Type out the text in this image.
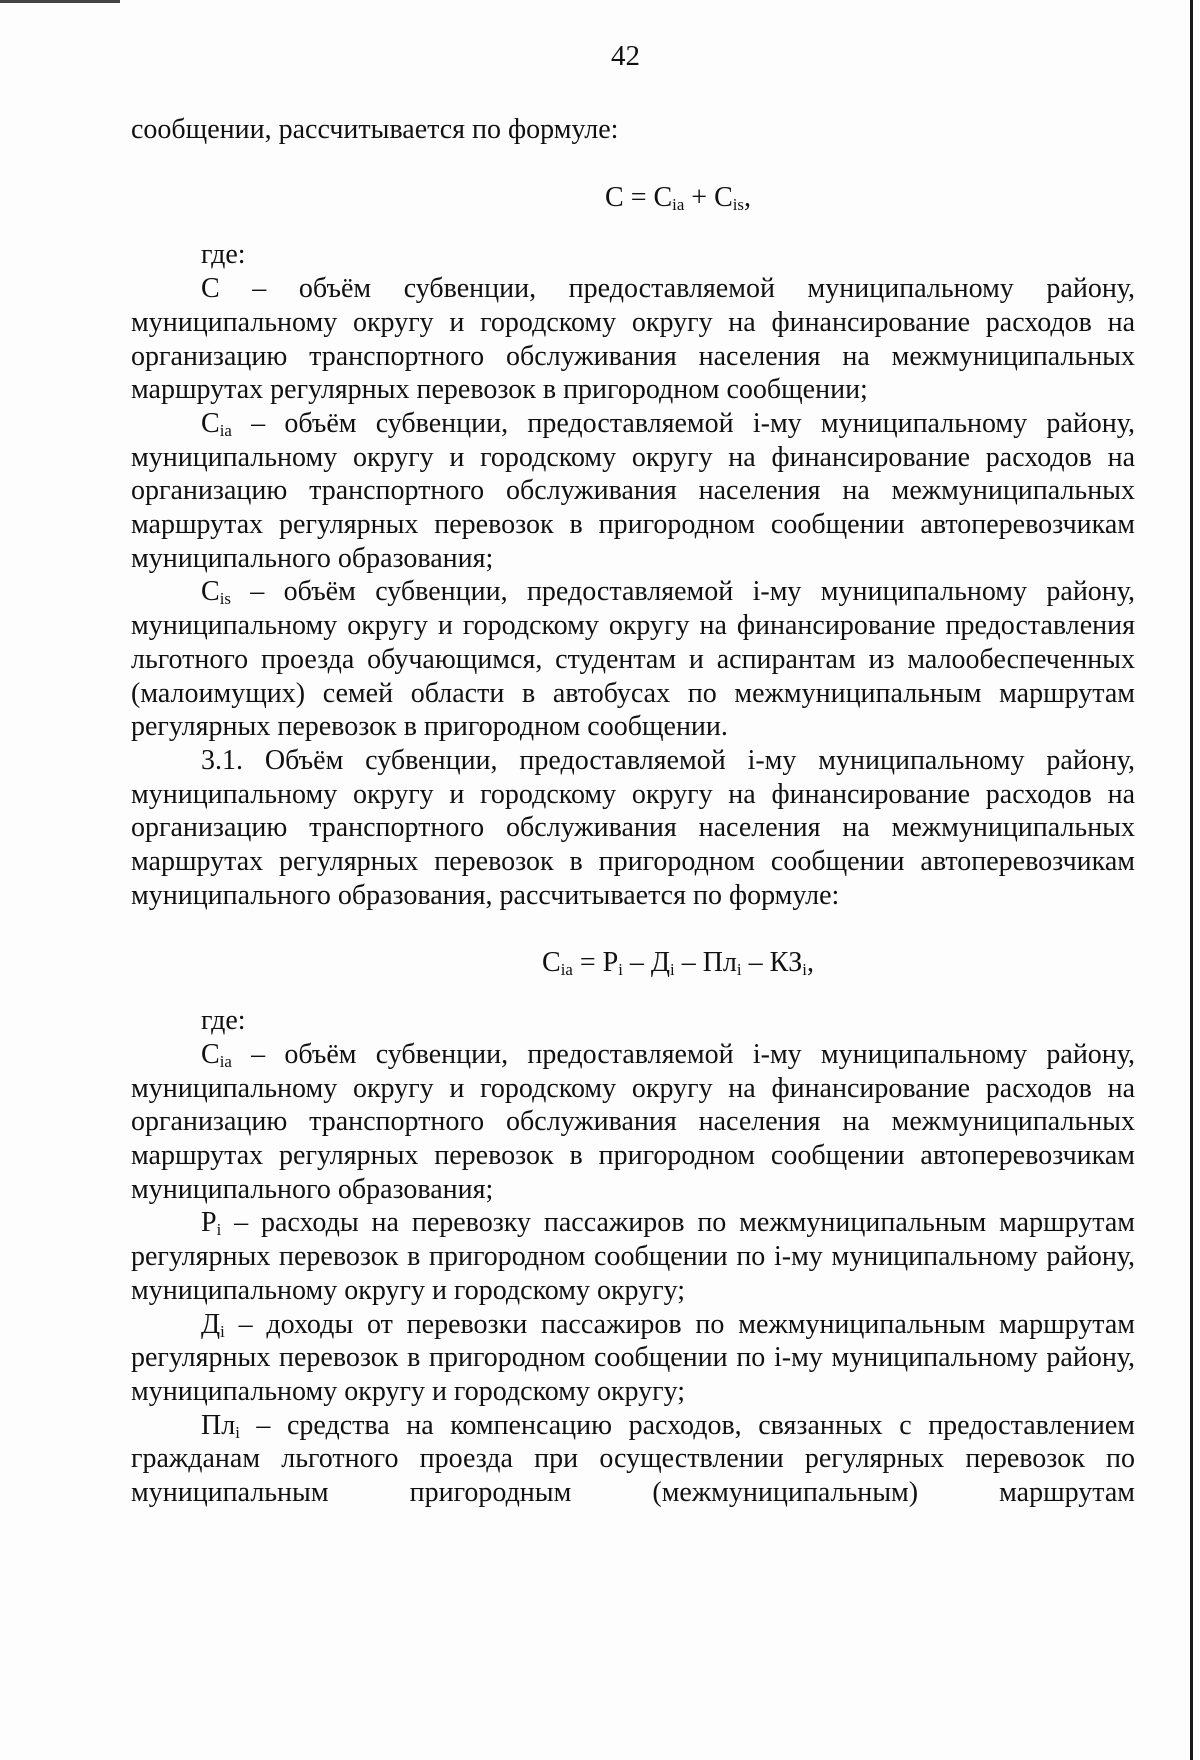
42

сообщении, рассчитывается по формуле:

$С = С_{ia} + С_{is}$,

где:

С – объём субвенции, предоставляемой муниципальному району, муниципальному округу и городскому округу на финансирование расходов на организацию транспортного обслуживания населения на межмуниципальных маршрутах регулярных перевозок в пригородном сообщении;

$С_{ia}$ – объём субвенции, предоставляемой i-му муниципальному району, муниципальному округу и городскому округу на финансирование расходов на организацию транспортного обслуживания населения на межмуниципальных маршрутах регулярных перевозок в пригородном сообщении автоперевозчикам муниципального образования;

$С_{is}$ – объём субвенции, предоставляемой i-му муниципальному району, муниципальному округу и городскому округу на финансирование предоставления льготного проезда обучающимся, студентам и аспирантам из малообеспеченных (малоимущих) семей области в автобусах по межмуниципальным маршрутам регулярных перевозок в пригородном сообщении.

3.1. Объём субвенции, предоставляемой i-му муниципальному району, муниципальному округу и городскому округу на финансирование расходов на организацию транспортного обслуживания населения на межмуниципальных маршрутах регулярных перевозок в пригородном сообщении автоперевозчикам муниципального образования, рассчитывается по формуле:

$С_{ia} = Р_i - Д_i - Пл_i - КЗ_i$,

где:

$С_{ia}$ – объём субвенции, предоставляемой i-му муниципальному району, муниципальному округу и городскому округу на финансирование расходов на организацию транспортного обслуживания населения на межмуниципальных маршрутах регулярных перевозок в пригородном сообщении автоперевозчикам муниципального образования;

$Р_i$ – расходы на перевозку пассажиров по межмуниципальным маршрутам регулярных перевозок в пригородном сообщении по i-му муниципальному району, муниципальному округу и городскому округу;

$Д_i$ – доходы от перевозки пассажиров по межмуниципальным маршрутам регулярных перевозок в пригородном сообщении по i-му муниципальному району, муниципальному округу и городскому округу;

$Пл_i$ – средства на компенсацию расходов, связанных с предоставлением гражданам льготного проезда при осуществлении регулярных перевозок по муниципальным пригородным (межмуниципальным) маршрутам
